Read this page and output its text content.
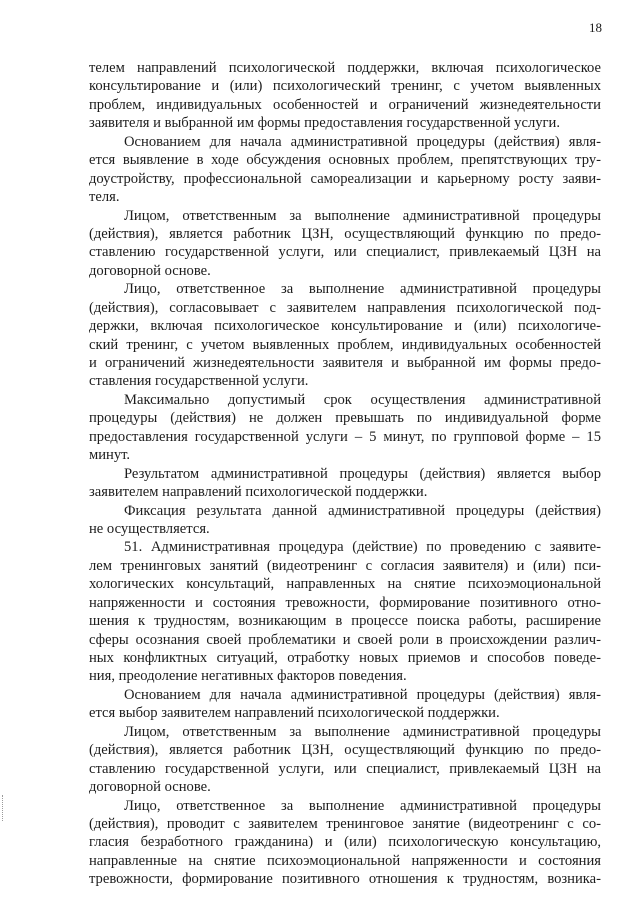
18
телем направлений психологической поддержки, включая психологическое
консультирование и (или) психологический тренинг, с учетом выявленных
проблем, индивидуальных особенностей и ограничений жизнедеятельности
заявителя и выбранной им формы предоставления государственной услуги.
Основанием для начала административной процедуры (действия) явля-
ется выявление в ходе обсуждения основных проблем, препятствующих тру-
доустройству, профессиональной самореализации и карьерному росту заяви-
теля.
Лицом, ответственным за выполнение административной процедуры
(действия), является работник ЦЗН, осуществляющий функцию по предо-
ставлению государственной услуги, или специалист, привлекаемый ЦЗН на
договорной основе.
Лицо, ответственное за выполнение административной процедуры
(действия), согласовывает с заявителем направления психологической под-
держки, включая психологическое консультирование и (или) психологиче-
ский тренинг, с учетом выявленных проблем, индивидуальных особенностей
и ограничений жизнедеятельности заявителя и выбранной им формы предо-
ставления государственной услуги.
Максимально допустимый срок осуществления административной
процедуры (действия) не должен превышать по индивидуальной форме
предоставления государственной услуги – 5 минут, по групповой форме – 15
минут.
Результатом административной процедуры (действия) является выбор
заявителем направлений психологической поддержки.
Фиксация результата данной административной процедуры (действия)
не осуществляется.
51. Административная процедура (действие) по проведению с заявите-
лем тренинговых занятий (видеотренинг с согласия заявителя) и (или) пси-
хологических консультаций, направленных на снятие психоэмоциональной
напряженности и состояния тревожности, формирование позитивного отно-
шения к трудностям, возникающим в процессе поиска работы, расширение
сферы осознания своей проблематики и своей роли в происхождении различ-
ных конфликтных ситуаций, отработку новых приемов и способов поведе-
ния, преодоление негативных факторов поведения.
Основанием для начала административной процедуры (действия) явля-
ется выбор заявителем направлений психологической поддержки.
Лицом, ответственным за выполнение административной процедуры
(действия), является работник ЦЗН, осуществляющий функцию по предо-
ставлению государственной услуги, или специалист, привлекаемый ЦЗН на
договорной основе.
Лицо, ответственное за выполнение административной процедуры
(действия), проводит с заявителем тренинговое занятие (видеотренинг с со-
гласия безработного гражданина) и (или) психологическую консультацию,
направленные на снятие психоэмоциональной напряженности и состояния
тревожности, формирование позитивного отношения к трудностям, возника-
